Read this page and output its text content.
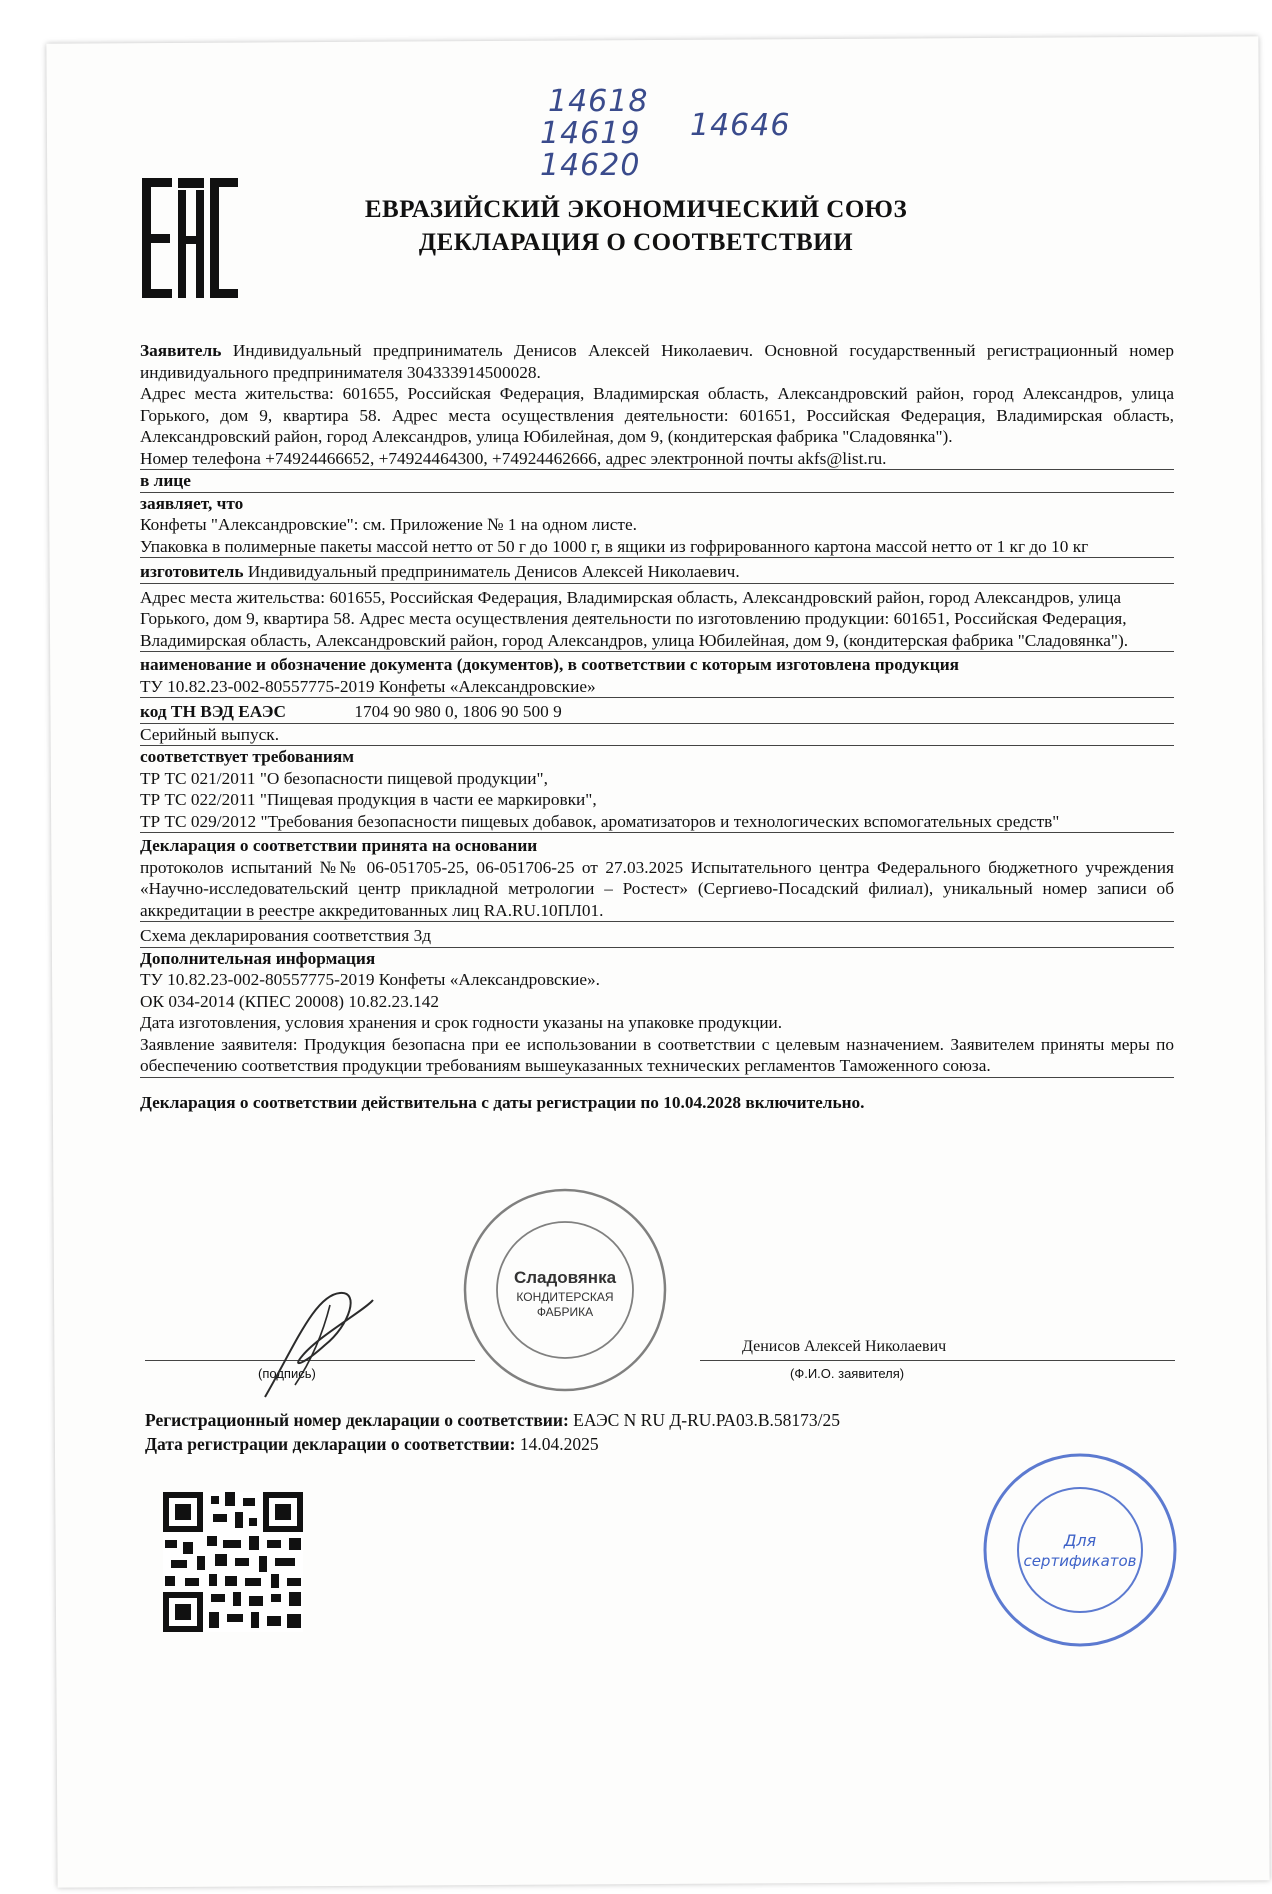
14618
14619
14620
14646
ЕВРАЗИЙСКИЙ ЭКОНОМИЧЕСКИЙ СОЮЗ
ДЕКЛАРАЦИЯ О СООТВЕТСТВИИ
Заявитель Индивидуальный предприниматель Денисов Алексей Николаевич. Основной государственный регистрационный номер индивидуального предпринимателя 304333914500028.
Адрес места жительства: 601655, Российская Федерация, Владимирская область, Александровский район, город Александров, улица Горького, дом 9, квартира 58. Адрес места осуществления деятельности: 601651, Российская Федерация, Владимирская область, Александровский район, город Александров, улица Юбилейная, дом 9, (кондитерская фабрика "Сладовянка").
Номер телефона +74924466652, +74924464300, +74924462666, адрес электронной почты akfs@list.ru.
в лице
заявляет, что
Конфеты "Александровские": см. Приложение № 1 на одном листе.
Упаковка в полимерные пакеты массой нетто от 50 г до 1000 г, в ящики из гофрированного картона массой нетто от 1 кг до 10 кг
изготовитель Индивидуальный предприниматель Денисов Алексей Николаевич.
Адрес места жительства: 601655, Российская Федерация, Владимирская область, Александровский район, город Александров, улица Горького, дом 9, квартира 58. Адрес места осуществления деятельности по изготовлению продукции: 601651, Российская Федерация, Владимирская область, Александровский район, город Александров, улица Юбилейная, дом 9, (кондитерская фабрика "Сладовянка").
наименование и обозначение документа (документов), в соответствии с которым изготовлена продукция
ТУ 10.82.23-002-80557775-2019 Конфеты «Александровские»
код ТН ВЭД ЕАЭС	1704 90 980 0, 1806 90 500 9
Серийный выпуск.
соответствует требованиям
ТР ТС 021/2011 "О безопасности пищевой продукции",
ТР ТС 022/2011 "Пищевая продукция в части ее маркировки",
ТР ТС 029/2012 "Требования безопасности пищевых добавок, ароматизаторов и технологических вспомогательных средств"
Декларация о соответствии принята на основании
протоколов испытаний №№ 06-051705-25, 06-051706-25 от 27.03.2025 Испытательного центра Федерального бюджетного учреждения «Научно-исследовательский центр прикладной метрологии – Ростест» (Сергиево-Посадский филиал), уникальный номер записи об аккредитации в реестре аккредитованных лиц RA.RU.10ПЛ01.
Схема декларирования соответствия 3д
Дополнительная информация
ТУ 10.82.23-002-80557775-2019 Конфеты «Александровские».
ОК 034-2014 (КПЕС 20008) 10.82.23.142
Дата изготовления, условия хранения и срок годности указаны на упаковке продукции.
Заявление заявителя: Продукция безопасна при ее использовании в соответствии с целевым назначением. Заявителем приняты меры по обеспечению соответствия продукции требованиям вышеуказанных технических регламентов Таможенного союза.
Декларация о соответствии действительна с даты регистрации по 10.04.2028 включительно.
Денисов Алексей Николаевич
(подпись)	(Ф.И.О. заявителя)
Регистрационный номер декларации о соответствии: ЕАЭС N RU Д-RU.РА03.В.58173/25
Дата регистрации декларации о соответствии: 14.04.2025
Сладовянка
КОНДИТЕРСКАЯ
ФАБРИКА
Для
сертификатов
